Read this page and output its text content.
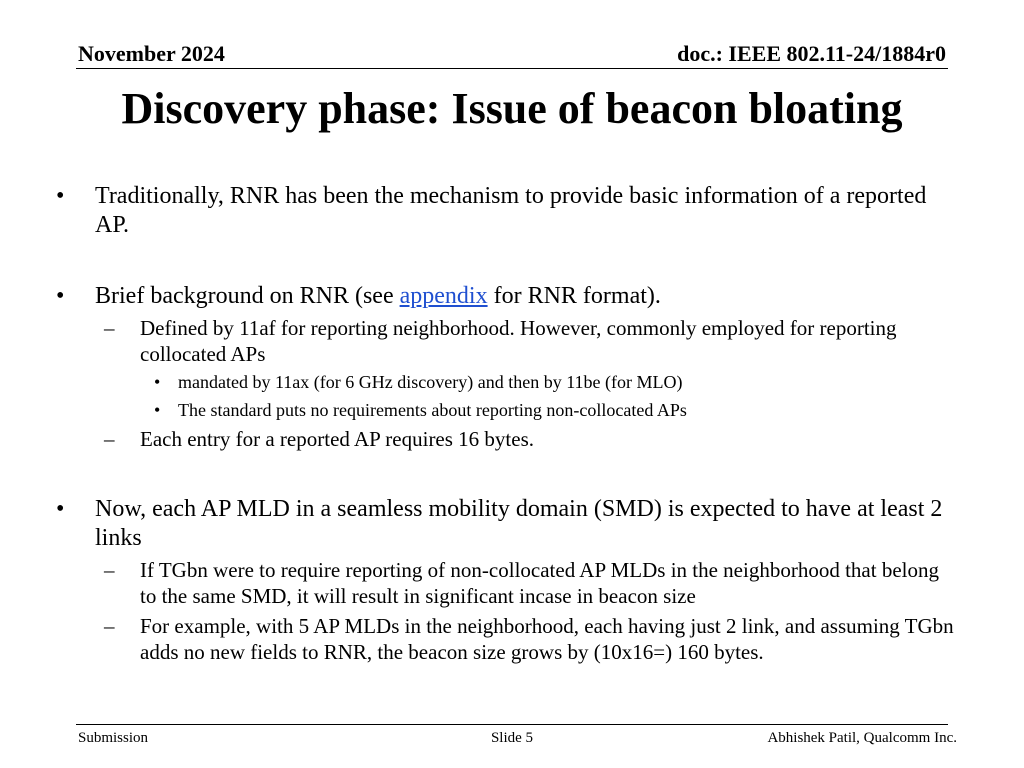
November 2024	doc.: IEEE 802.11-24/1884r0
Discovery phase: Issue of beacon bloating
• Traditionally, RNR has been the mechanism to provide basic information of a reported AP.
• Brief background on RNR (see appendix for RNR format).
– Defined by 11af for reporting neighborhood. However, commonly employed for reporting collocated APs
• mandated by 11ax (for 6 GHz discovery) and then by 11be (for MLO)
• The standard puts no requirements about reporting non-collocated APs
– Each entry for a reported AP requires 16 bytes.
• Now, each AP MLD in a seamless mobility domain (SMD) is expected to have at least 2 links
– If TGbn were to require reporting of non-collocated AP MLDs in the neighborhood that belong to the same SMD, it will result in significant incase in beacon size
– For example, with 5 AP MLDs in the neighborhood, each having just 2 link, and assuming TGbn adds no new fields to RNR, the beacon size grows by (10x16=) 160 bytes.
Submission	Slide 5	Abhishek Patil, Qualcomm Inc.
